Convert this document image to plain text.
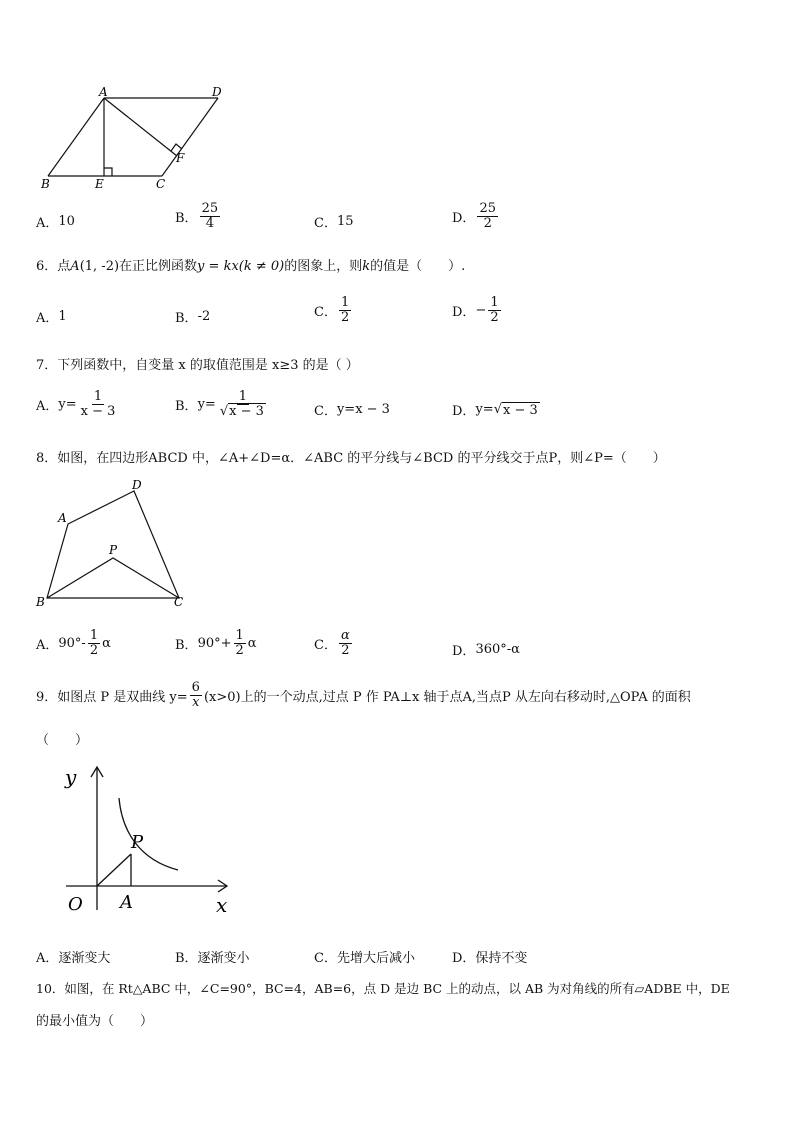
A	D
B	E	C
F
A． 10	B． $\frac{25}{4}$	C． 15	D． $\frac{25}{2}$
6．点A(1, -2)在正比例函数y = kx(k ≠ 0)的图象上，则k的值是（　　）.
A． 1	B． -2	C． $\frac{1}{2}$	D． − $\frac{1}{2}$
7．下列函数中，自变量 x 的取值范围是 x≥3 的是（ ）
A． $y= \frac{1}{x - 3}$	B． $y= \frac{1}{√x - 3}$	C． y=x − 3	D． y= √ x − 3
8．如图，在四边形ABCD 中，∠A+∠D=α．∠ABC 的平分线与∠BCD 的平分线交于点P，则∠P=（　　）
A
D
P
B	C
A． $90^\circ- \frac{1}{2}$ α	B． $90^\circ+ \frac{1}{2}$ α	C． $\frac{\alpha}{2}$	D． 360°-α
9．如图点 P 是双曲线 $y= \frac{6}{x} (x>0)$上的一个动点,过点 P 作 PA⊥x 轴于点A,当点P 从左向右移动时,△OPA 的面积
（　　）
y
x
O A
P
A．逐渐变大	B．逐渐变小	C．先增大后减小	D．保持不变
10．如图，在 Rt△ABC 中，∠C=90°，BC=4，AB=6，点 D 是边 BC 上的动点，以 AB 为对角线的所有▱ADBE 中，DE
的最小值为（　　）
